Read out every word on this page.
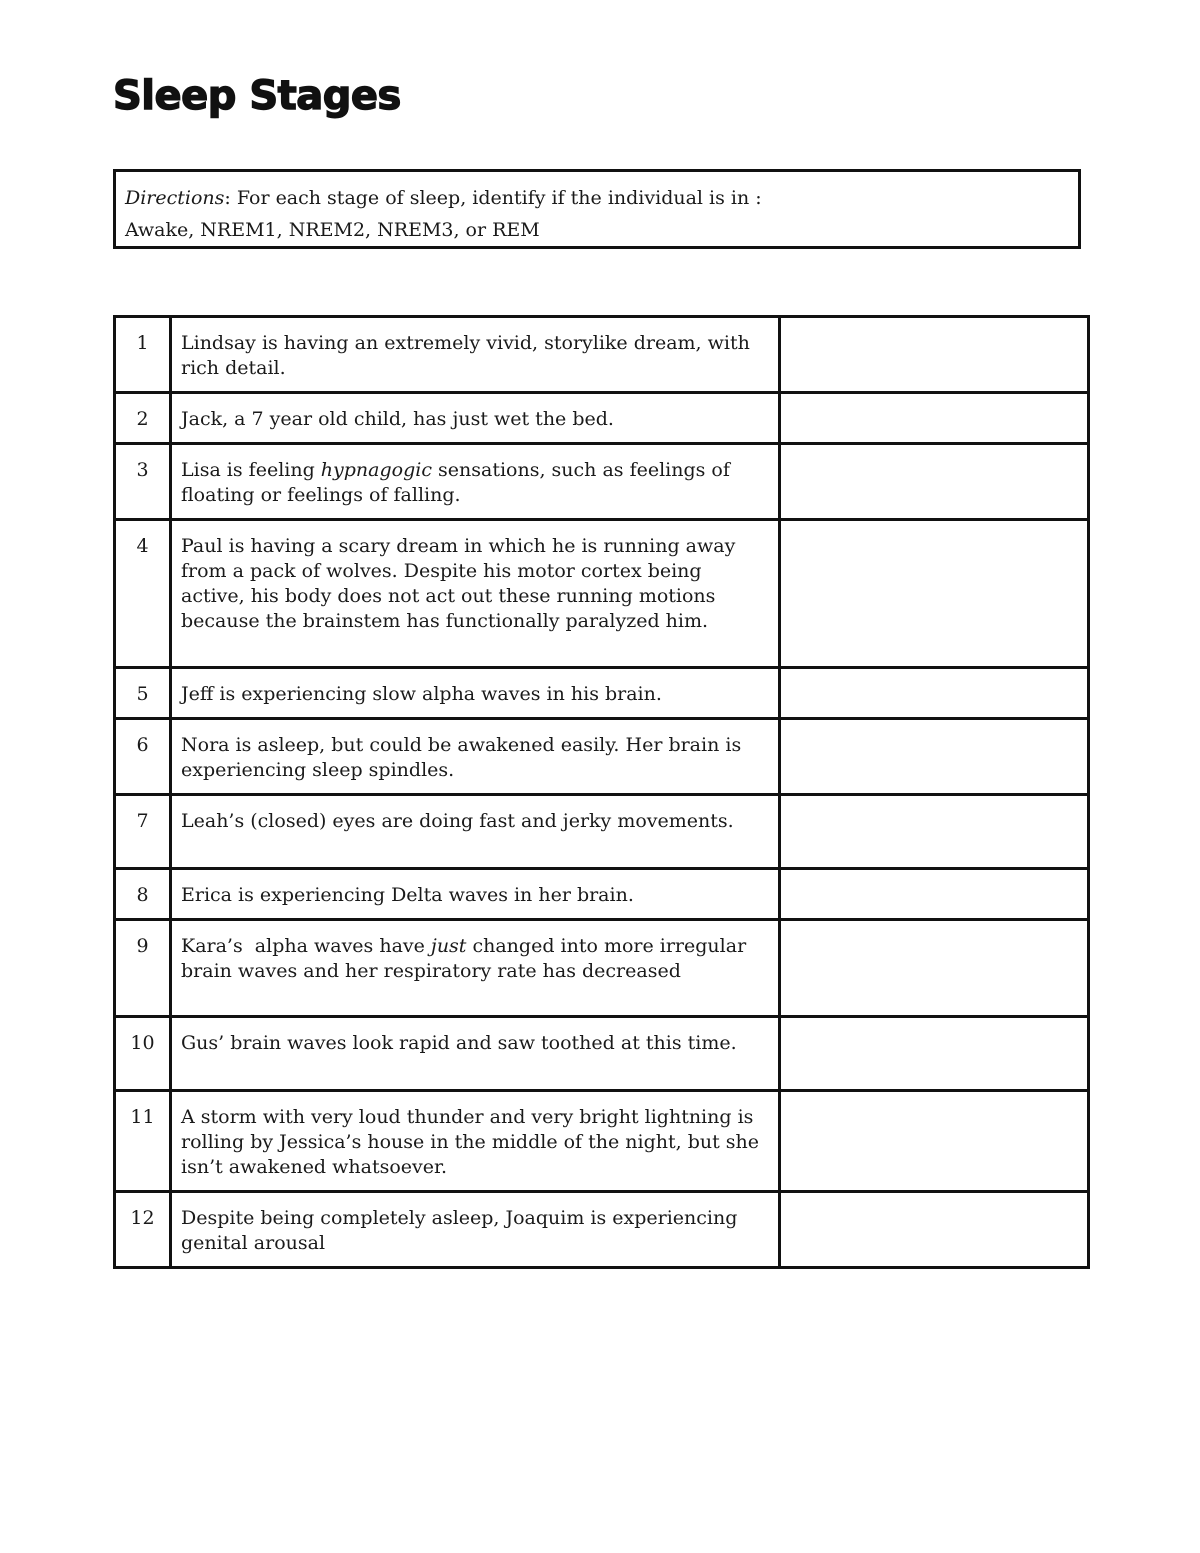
Sleep Stages
Directions: For each stage of sleep, identify if the individual is in :
Awake, NREM1, NREM2, NREM3, or REM
1	Lindsay is having an extremely vivid, storylike dream, with rich detail.	
2	Jack, a 7 year old child, has just wet the bed.	
3	Lisa is feeling hypnagogic sensations, such as feelings of floating or feelings of falling.	
4	Paul is having a scary dream in which he is running away from a pack of wolves. Despite his motor cortex being active, his body does not act out these running motions because the brainstem has functionally paralyzed him.	
5	Jeff is experiencing slow alpha waves in his brain.	
6	Nora is asleep, but could be awakened easily. Her brain is experiencing sleep spindles.	
7	Leah’s (closed) eyes are doing fast and jerky movements.	
8	Erica is experiencing Delta waves in her brain.	
9	Kara’s  alpha waves have just changed into more irregular brain waves and her respiratory rate has decreased	
10	Gus’ brain waves look rapid and saw toothed at this time.	
11	A storm with very loud thunder and very bright lightning is rolling by Jessica’s house in the middle of the night, but she isn’t awakened whatsoever.	
12	Despite being completely asleep, Joaquim is experiencing genital arousal	
